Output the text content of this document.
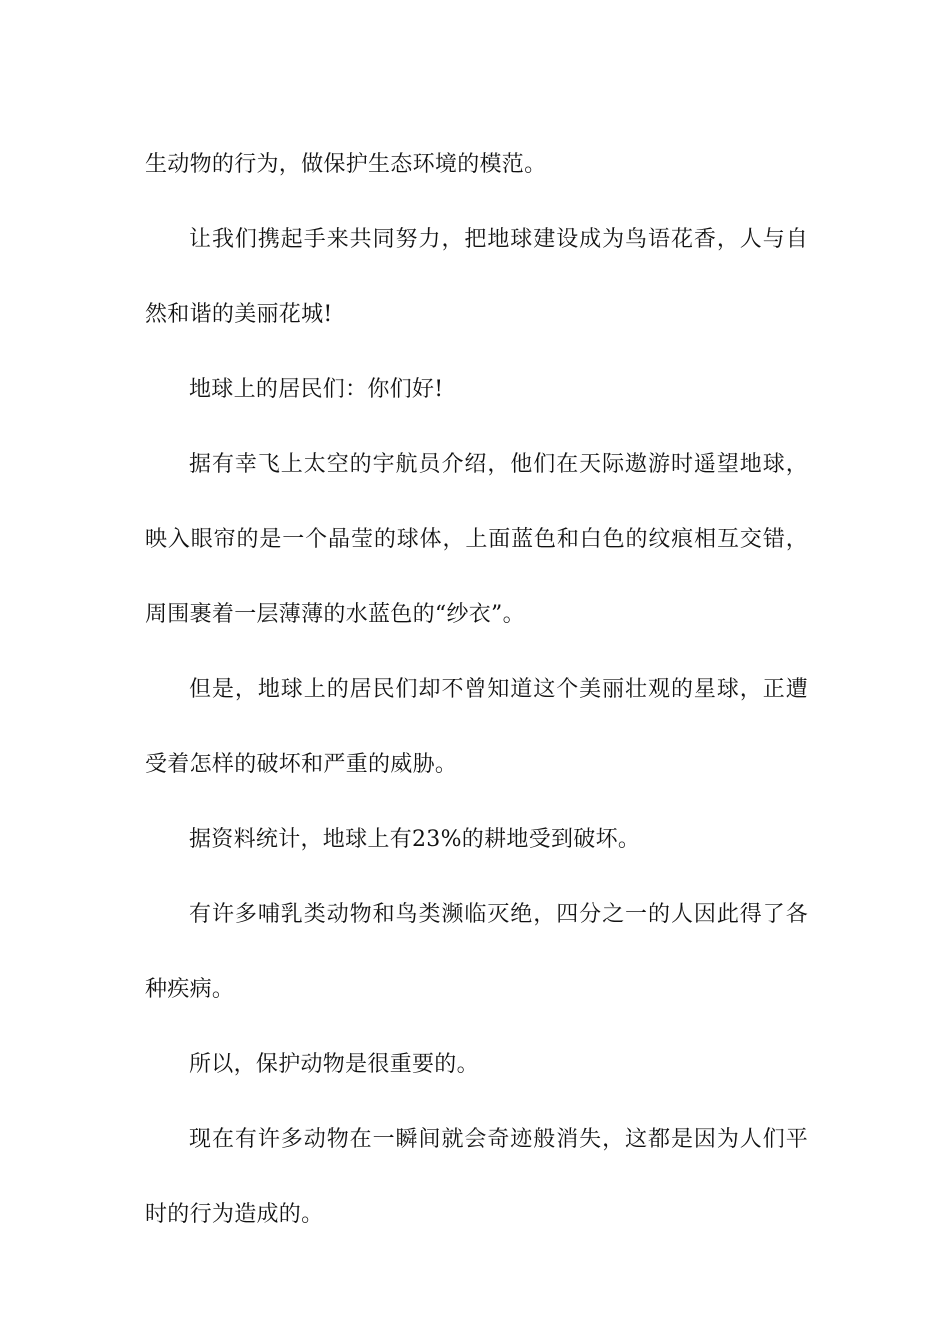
生动物的行为，做保护生态环境的模范。

让我们携起手来共同努力，把地球建设成为鸟语花香，人与自然和谐的美丽花城!

地球上的居民们：你们好!

据有幸飞上太空的宇航员介绍，他们在天际遨游时遥望地球，映入眼帘的是一个晶莹的球体，上面蓝色和白色的纹痕相互交错，周围裹着一层薄薄的水蓝色的“纱衣”。

但是，地球上的居民们却不曾知道这个美丽壮观的星球，正遭受着怎样的破坏和严重的威胁。

据资料统计，地球上有23%的耕地受到破坏。

有许多哺乳类动物和鸟类濒临灭绝，四分之一的人因此得了各种疾病。

所以，保护动物是很重要的。

现在有许多动物在一瞬间就会奇迹般消失，这都是因为人们平时的行为造成的。
